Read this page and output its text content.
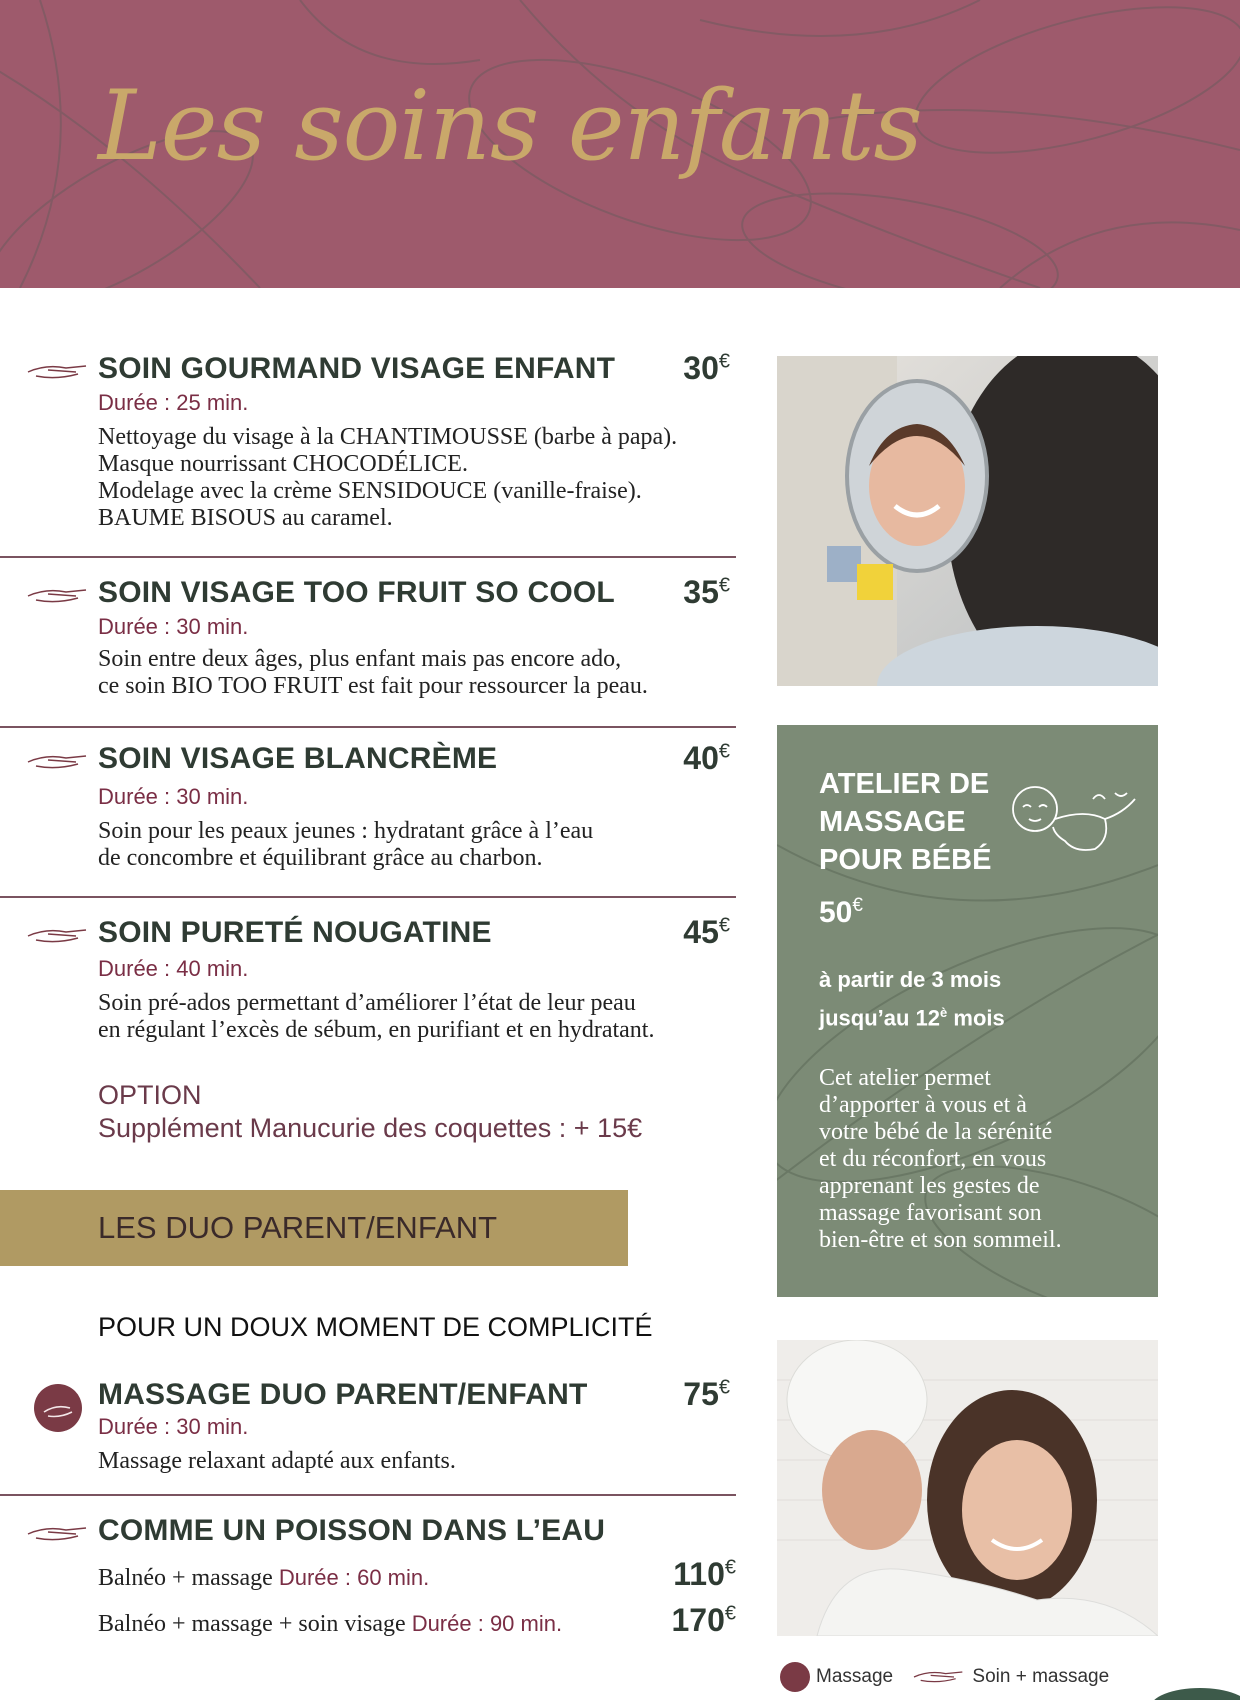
Les soins enfants
SOIN GOURMAND VISAGE ENFANT 30€
Durée : 25 min.
Nettoyage du visage à la CHANTIMOUSSE (barbe à papa).
Masque nourrissant CHOCODÉLICE.
Modelage avec la crème SENSIDOUCE (vanille-fraise).
BAUME BISOUS au caramel.
SOIN VISAGE TOO FRUIT SO COOL 35€
Durée : 30 min.
Soin entre deux âges, plus enfant mais pas encore ado,
ce soin BIO TOO FRUIT est fait pour ressourcer la peau.
SOIN VISAGE BLANCRÈME	40€
Durée : 30 min.
Soin pour les peaux jeunes : hydratant grâce à l’eau
de concombre et équilibrant grâce au charbon.
SOIN PURETÉ NOUGATINE	45€
Durée : 40 min.
Soin pré-ados permettant d’améliorer l’état de leur peau
en régulant l’excès de sébum, en purifiant et en hydratant.
OPTION
Supplément Manucurie des coquettes : + 15€
LES DUO PARENT/ENFANT
POUR UN DOUX MOMENT DE COMPLICITÉ
MASSAGE DUO PARENT/ENFANT	75€
Durée : 30 min.
Massage relaxant adapté aux enfants.
COMME UN POISSON DANS L’EAU
Balnéo + massage Durée : 60 min.	110€
Balnéo + massage + soin visage Durée : 90 min.	170€
ATELIER DE
MASSAGE
POUR BÉBÉ
50€
à partir de 3 mois
jusqu’au $12^è$ mois
Cet atelier permet
d’apporter à vous et à
votre bébé de la sérénité
et du réconfort, en vous
apprenant les gestes de
massage favorisant son
bien-être et son sommeil.
Massage	Soin + massage
